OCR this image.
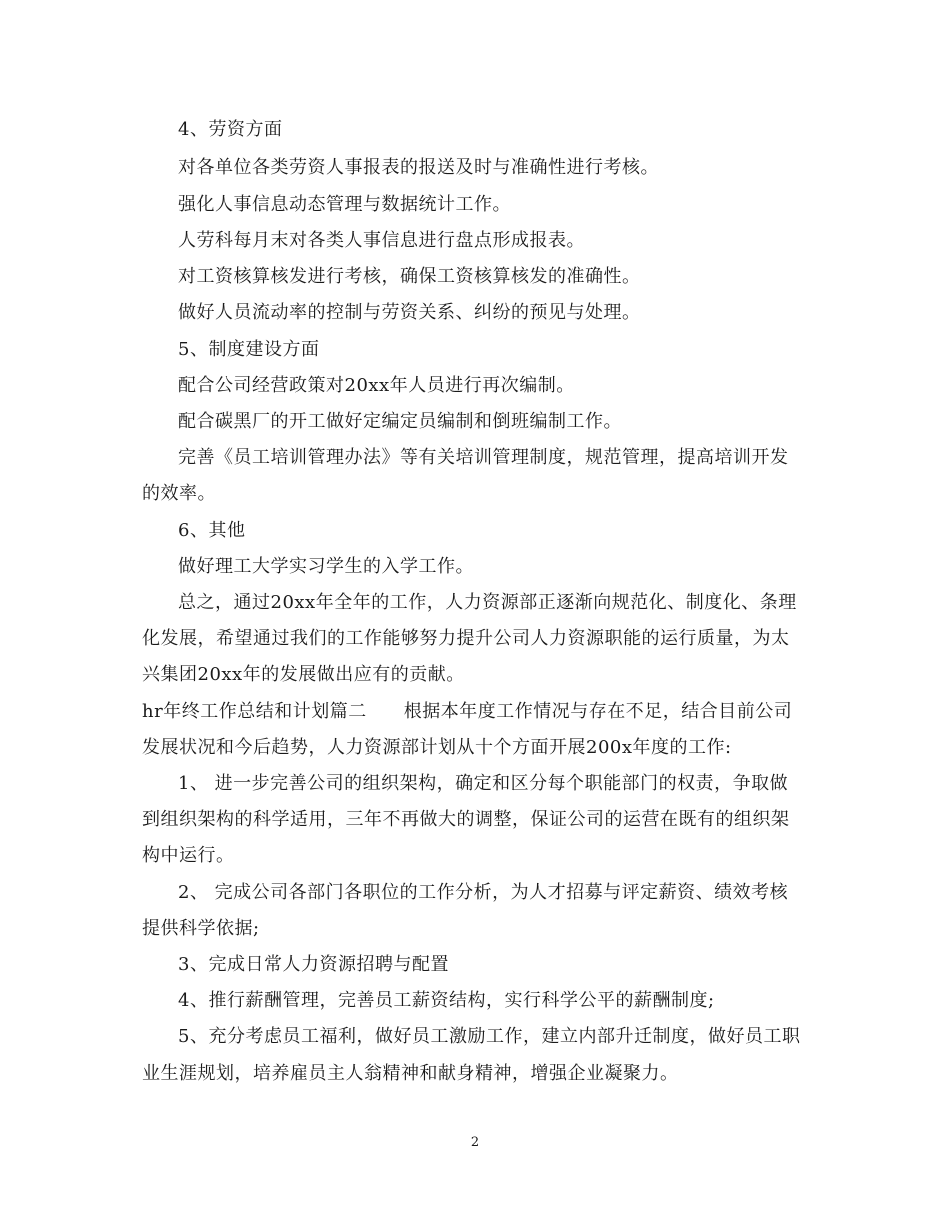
4、劳资方面
对各单位各类劳资人事报表的报送及时与准确性进行考核。
强化人事信息动态管理与数据统计工作。
人劳科每月末对各类人事信息进行盘点形成报表。
对工资核算核发进行考核，确保工资核算核发的准确性。
做好人员流动率的控制与劳资关系、纠纷的预见与处理。
5、制度建设方面
配合公司经营政策对20xx年人员进行再次编制。
配合碳黑厂的开工做好定编定员编制和倒班编制工作。
完善《员工培训管理办法》等有关培训管理制度，规范管理，提高培训开发
的效率。
6、其他
做好理工大学实习学生的入学工作。
总之，通过20xx年全年的工作，人力资源部正逐渐向规范化、制度化、条理
化发展，希望通过我们的工作能够努力提升公司人力资源职能的运行质量，为太
兴集团20xx年的发展做出应有的贡献。
hr年终工作总结和计划篇二　　根据本年度工作情况与存在不足，结合目前公司
发展状况和今后趋势，人力资源部计划从十个方面开展200x年度的工作:
1、 进一步完善公司的组织架构，确定和区分每个职能部门的权责，争取做
到组织架构的科学适用，三年不再做大的调整，保证公司的运营在既有的组织架
构中运行。
2、 完成公司各部门各职位的工作分析，为人才招募与评定薪资、绩效考核
提供科学依据;
3、完成日常人力资源招聘与配置
4、推行薪酬管理，完善员工薪资结构，实行科学公平的薪酬制度;
5、充分考虑员工福利，做好员工激励工作，建立内部升迁制度，做好员工职
业生涯规划，培养雇员主人翁精神和献身精神，增强企业凝聚力。
2
